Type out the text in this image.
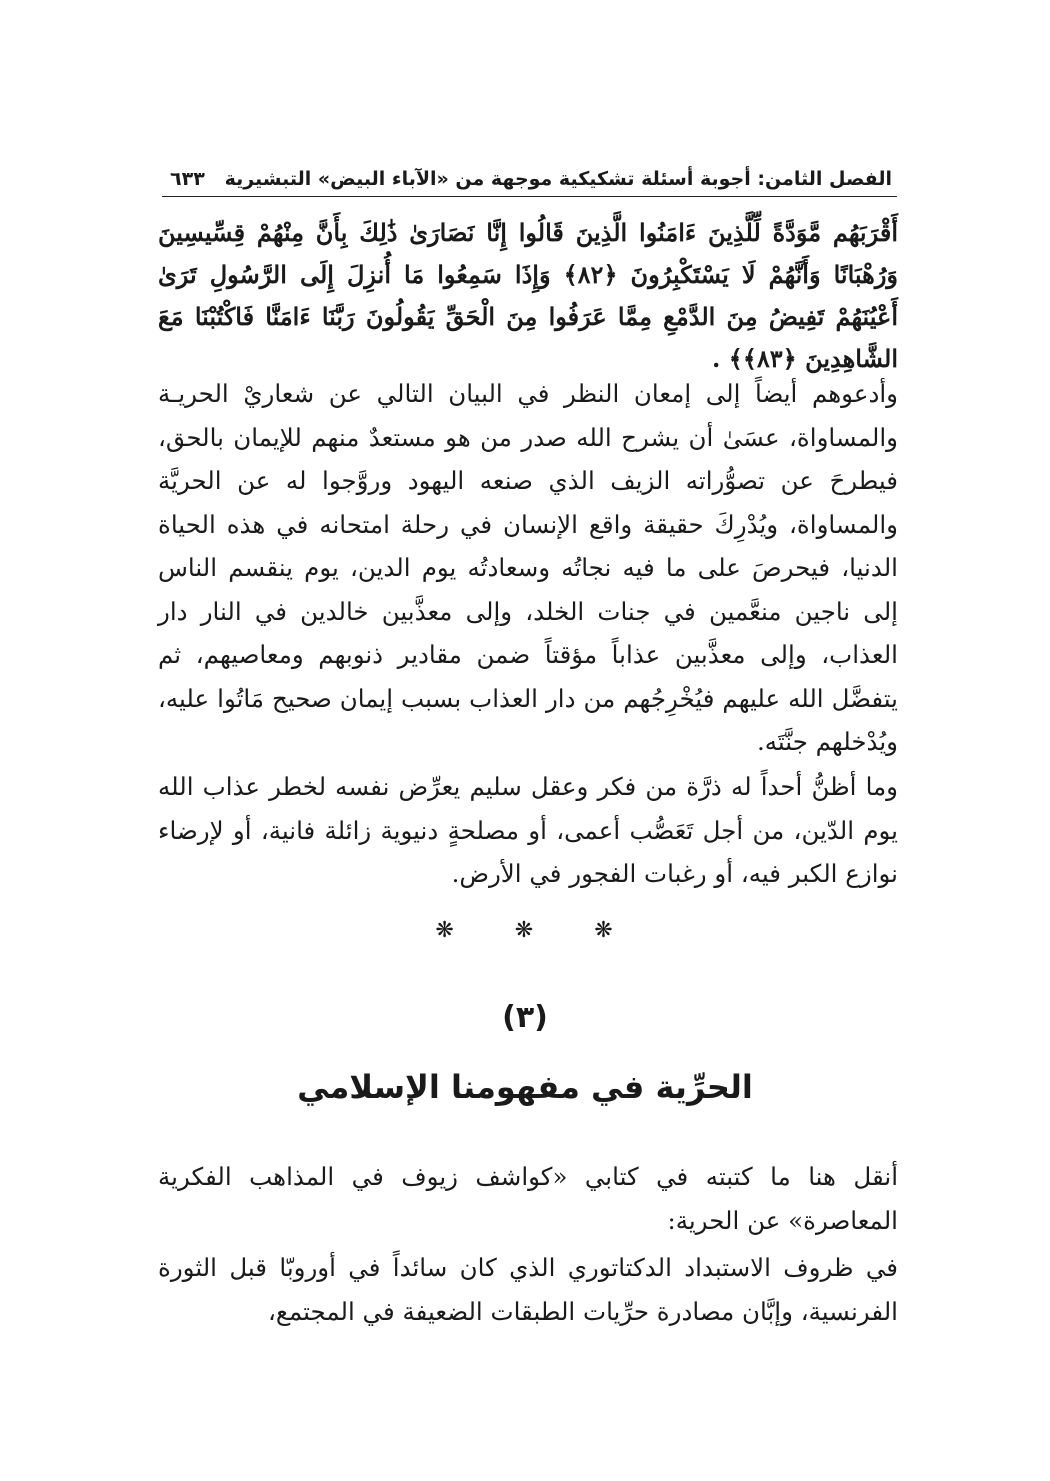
الفصل الثامن: أجوبة أسئلة تشكيكية موجهة من «الآباء البيض» التبشيرية
٦٣٣
أَقْرَبَهُم مَّوَدَّةً لِّلَّذِينَ ءَامَنُوا الَّذِينَ قَالُوا إِنَّا نَصَارَىٰ ذَٰلِكَ بِأَنَّ مِنْهُمْ قِسِّيسِينَ وَرُهْبَانًا وَأَنَّهُمْ لَا يَسْتَكْبِرُونَ ﴿٨٢﴾ وَإِذَا سَمِعُوا مَا أُنزِلَ إِلَى الرَّسُولِ تَرَىٰ أَعْيُنَهُمْ تَفِيضُ مِنَ الدَّمْعِ مِمَّا عَرَفُوا مِنَ الْحَقِّ يَقُولُونَ رَبَّنَا ءَامَنَّا فَاكْتُبْنَا مَعَ الشَّاهِدِينَ ﴿٨٣﴾﴾ .

وأدعوهم أيضاً إلى إمعان النظر في البيان التالي عن شعاريْ الحريـة والمساواة، عسَىٰ أن يشرح الله صدر من هو مستعدٌ منهم للإيمان بالحق، فيطرحَ عن تصوُّراته الزيف الذي صنعه اليهود وروَّجوا له عن الحريَّة والمساواة، ويُدْرِكَ حقيقة واقع الإنسان في رحلة امتحانه في هذه الحياة الدنيا، فيحرصَ على ما فيه نجاتُه وسعادتُه يوم الدين، يوم ينقسم الناس إلى ناجين منعَّمين في جنات الخلد، وإلى معذَّبين خالدين في النار دار العذاب، وإلى معذَّبين عذاباً مؤقتاً ضمن مقادير ذنوبهم ومعاصيهم، ثم يتفضَّل الله عليهم فيُخْرِجُهم من دار العذاب بسبب إيمان صحيح مَاتُوا عليه، ويُدْخلهم جنَّتَه.

وما أظنُّ أحداً له ذرَّة من فكر وعقل سليم يعرِّض نفسه لخطر عذاب الله يوم الدّين، من أجل تَعَصُّب أعمى، أو مصلحةٍ دنيوية زائلة فانية، أو لإرضاء نوازع الكبر فيه، أو رغبات الفجور في الأرض.

❋ ❋ ❋
(٣)
الحرِّية في مفهومنا الإسلامي

أنقل هنا ما كتبته في كتابي «كواشف زيوف في المذاهب الفكرية المعاصرة» عن الحرية:

في ظروف الاستبداد الدكتاتوري الذي كان سائداً في أوروبّا قبل الثورة الفرنسية، وإبَّان مصادرة حرِّيات الطبقات الضعيفة في المجتمع،
